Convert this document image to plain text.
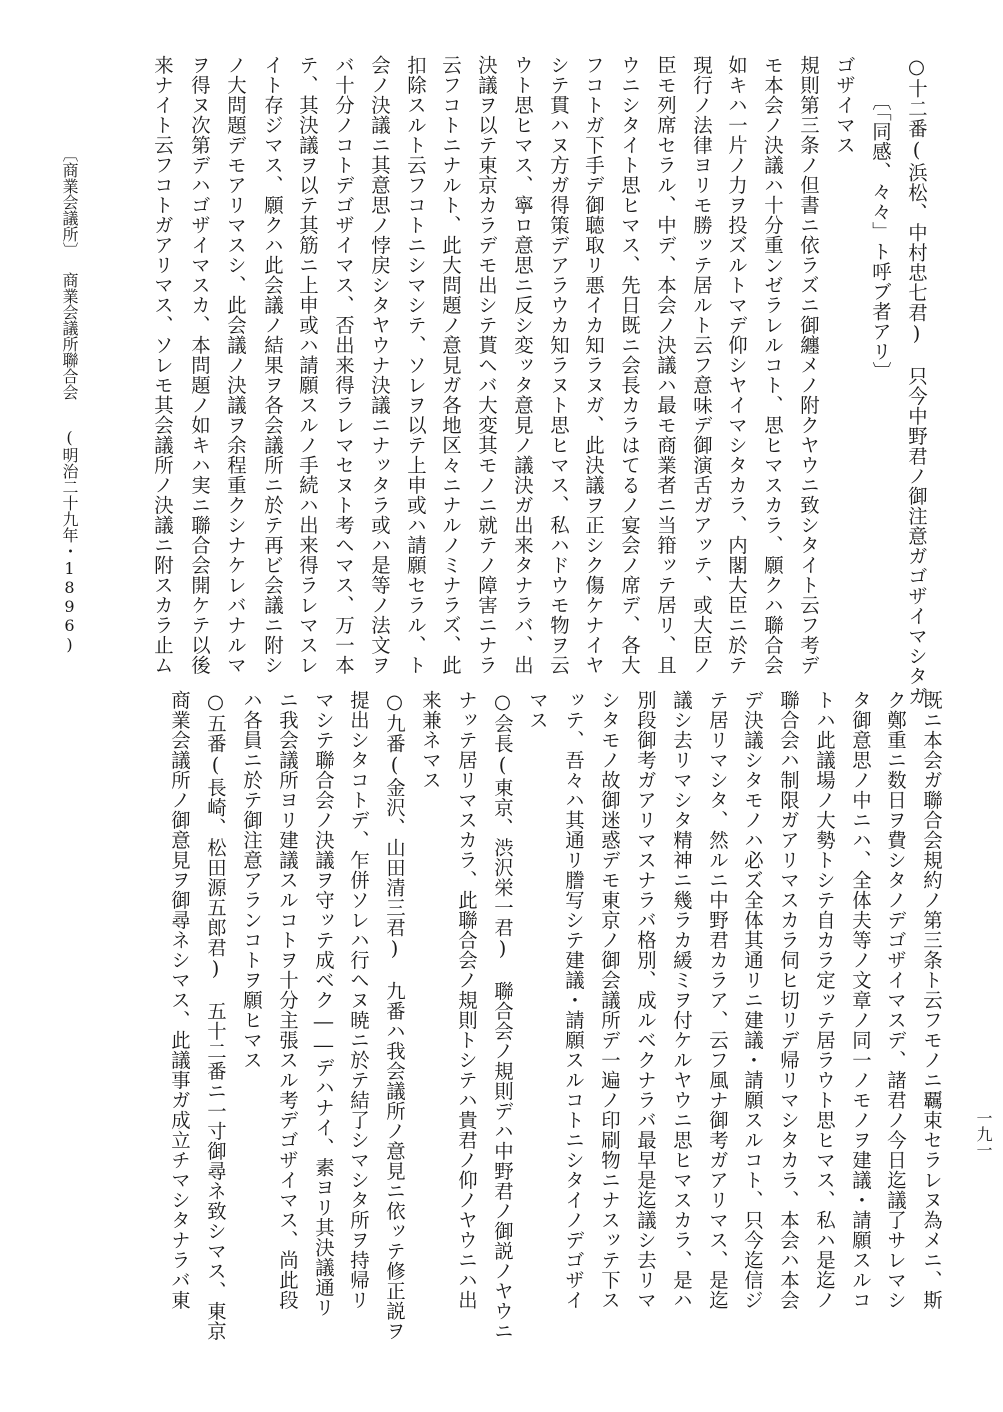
来ナイト云フコトガアリマス、ソレモ其会議所ノ決議ニ附スカラ止ム ヲ得ヌ次第デハゴザイマスカ、本問題ノ如キハ実ニ聯合会開ケテ以後 ノ大問題デモアリマスシ、此会議ノ決議ヲ余程重クシナケレバナルマ イト存ジマス、願クハ此会議ノ結果ヲ各会議所ニ於テ再ビ会議ニ附シ テ、其決議ヲ以テ其筋ニ上申或ハ請願スルノ手続ハ出来得ラレマスレ バ十分ノコトデゴザイマス、否出来得ラレマセヌト考ヘマス、万一本 会ノ決議ニ其意思ノ悖戻シタヤウナ決議ニナッタラ或ハ是等ノ法文ヲ 扣除スルト云フコトニシマシテ、ソレヲ以テ上申或ハ請願セラル、ト 云フコトニナルト、此大問題ノ意見ガ各地区々ニナルノミナラズ、此 決議ヲ以テ東京カラデモ出シテ貰ヘバ大変其モノニ就テノ障害ニナラ ウト思ヒマス、寧ロ意思ニ反シ変ッタ意見ノ議決ガ出来タナラバ、出 シテ貫ハヌ方ガ得策デアラウカ知ラヌト思ヒマス、私ハドウモ物ヲ云 フコトガ下手デ御聴取リ悪イカ知ラヌガ、此決議ヲ正シク傷ケナイヤ ウニシタイト思ヒマス、先日既ニ会長カラはてるノ宴会ノ席デ、各大 臣モ列席セラル、中デ、本会ノ決議ハ最モ商業者ニ当箝ッテ居リ、且 現行ノ法律ヨリモ勝ッテ居ルト云フ意味デ御演舌ガアッテ、或大臣ノ 如キハ一片ノ力ヲ投ズルトマデ仰シヤイマシタカラ、内閣大臣ニ於テ モ本会ノ決議ハ十分重ンゼラレルコト、思ヒマスカラ、願クハ聯合会 規則第三条ノ但書ニ依ラズニ御纏メノ附クヤウニ致シタイト云フ考デ ゴザイマス 〔「同感、々々」ト呼ブ者アリ〕 ○十二番(浜松、中村忠七君)　只今中野君ノ御注意ガゴザイマシタガ
既ニ本会ガ聯合会規約ノ第三条ト云フモノニ覊束セラレヌ為メニ、斯
ク鄭重ニ数日ヲ費シタノデゴザイマスデ、諸君ノ今日迄議了サレマシ
タ御意思ノ中ニハ、全体夫等ノ文章ノ同一ノモノヲ建議・請願スルコ
トハ此議場ノ大勢トシテ自カラ定ッテ居ラウト思ヒマス、私ハ是迄ノ
聯合会ハ制限ガアリマスカラ伺ヒ切リデ帰リマシタカラ、本会ハ本会
デ決議シタモノハ必ズ全体其通リニ建議・請願スルコト、只今迄信ジ
テ居リマシタ、然ルニ中野君カラア、云フ風ナ御考ガアリマス、是迄
議シ去リマシタ精神ニ幾ラカ緩ミヲ付ケルヤウニ思ヒマスカラ、是ハ
別段御考ガアリマスナラバ格別、成ルベクナラバ最早是迄議シ去リマ
シタモノ故御迷惑デモ東京ノ御会議所デ一遍ノ印刷物ニナスッテ下ス
ッテ、吾々ハ其通リ謄写シテ建議・請願スルコトニシタイノデゴザイ
マス
○会長(東京、渋沢栄一君)　聯合会ノ規則デハ中野君ノ御説ノヤウニ
ナッテ居リマスカラ、此聯合会ノ規則トシテハ貴君ノ仰ノヤウニハ出
来兼ネマス
○九番(金沢、山田清三君)　九番ハ我会議所ノ意見ニ依ッテ修正説ヲ
提出シタコトデ、乍併ソレハ行ヘヌ暁ニ於テ結了シマシタ所ヲ持帰リ
マシテ聯合会ノ決議ヲ守ッテ成ベク――デハナイ、素ヨリ其決議通リ
ニ我会議所ヨリ建議スルコトヲ十分主張スル考デゴザイマス、尚此段
ハ各員ニ於テ御注意アランコトヲ願ヒマス
○五番(長崎、松田源五郎君)　五十二番ニ一寸御尋ネ致シマス、東京
商業会議所ノ御意見ヲ御尋ネシマス、此議事ガ成立チマシタナラバ東
〔商業会議所〕
商業会議所聯合会
(明治二十九年・1896)
一九一
